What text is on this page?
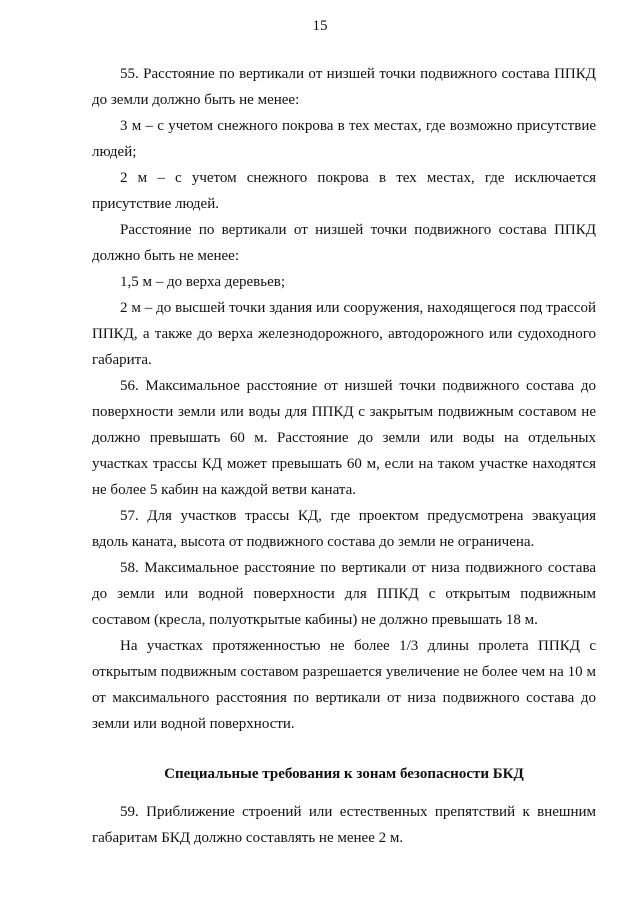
15

55. Расстояние по вертикали от низшей точки подвижного состава ППКД до земли должно быть не менее:

3 м – с учетом снежного покрова в тех местах, где возможно присутствие людей;

2 м – с учетом снежного покрова в тех местах, где исключается присутствие людей.

Расстояние по вертикали от низшей точки подвижного состава ППКД должно быть не менее:

1,5 м – до верха деревьев;

2 м – до высшей точки здания или сооружения, находящегося под трассой ППКД, а также до верха железнодорожного, автодорожного или судоходного габарита.

56. Максимальное расстояние от низшей точки подвижного состава до поверхности земли или воды для ППКД с закрытым подвижным составом не должно превышать 60 м. Расстояние до земли или воды на отдельных участках трассы КД может превышать 60 м, если на таком участке находятся не более 5 кабин на каждой ветви каната.

57. Для участков трассы КД, где проектом предусмотрена эвакуация вдоль каната, высота от подвижного состава до земли не ограничена.

58. Максимальное расстояние по вертикали от низа подвижного состава до земли или водной поверхности для ППКД с открытым подвижным составом (кресла, полуоткрытые кабины) не должно превышать 18 м.

На участках протяженностью не более 1/3 длины пролета ППКД с открытым подвижным составом разрешается увеличение не более чем на 10 м от максимального расстояния по вертикали от низа подвижного состава до земли или водной поверхности.

Специальные требования к зонам безопасности БКД

59. Приближение строений или естественных препятствий к внешним габаритам БКД должно составлять не менее 2 м.
